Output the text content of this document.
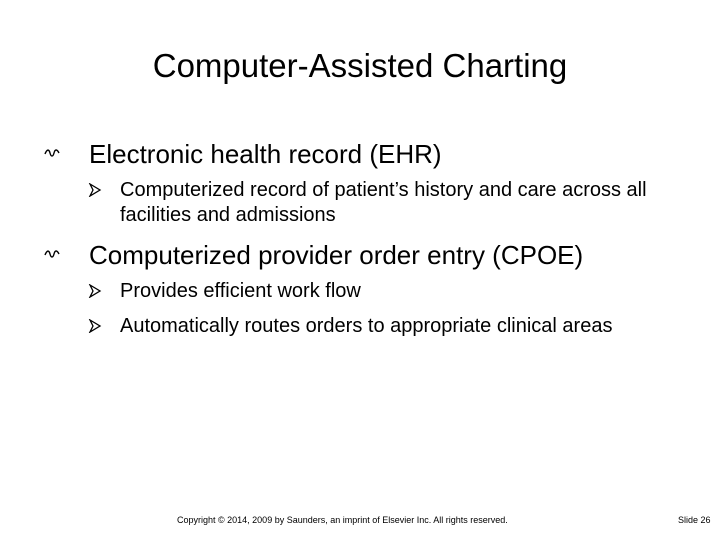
Computer-Assisted Charting
Electronic health record (EHR)
Computerized record of patient’s history and care across all facilities and admissions
Computerized provider order entry (CPOE)
Provides efficient work flow
Automatically routes orders to appropriate clinical areas
Copyright © 2014, 2009 by Saunders, an imprint of Elsevier Inc. All rights reserved.	Slide 26
